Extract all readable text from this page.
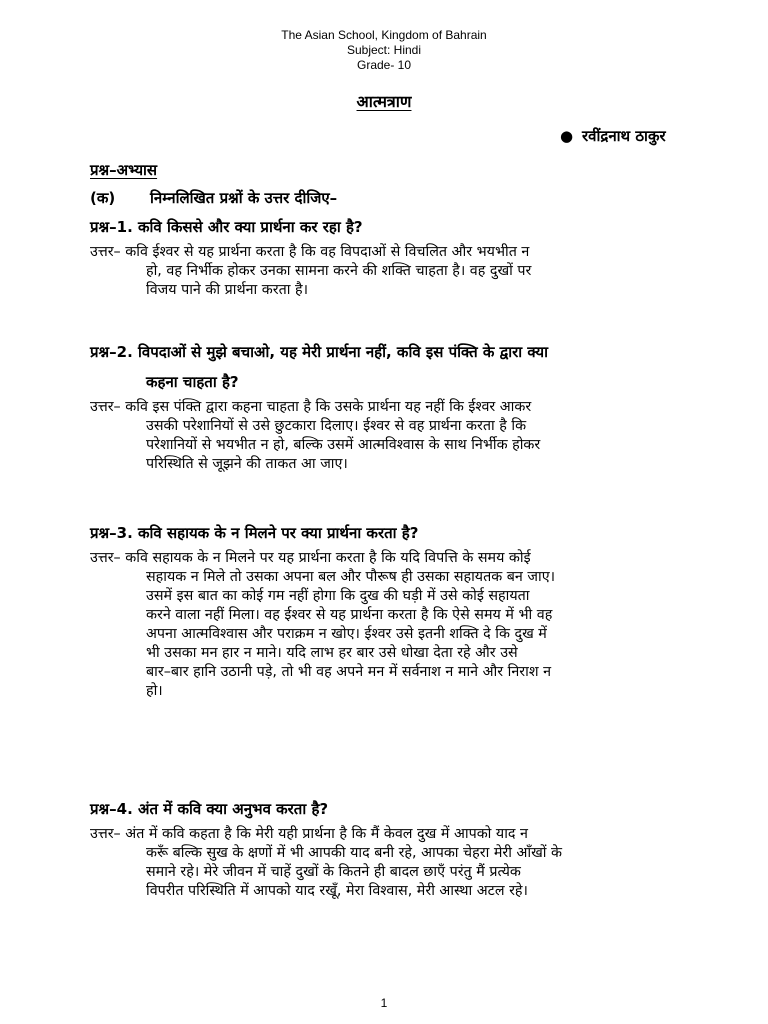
The Asian School, Kingdom of Bahrain
Subject: Hindi
Grade- 10
आत्मत्राण
● रवींद्रनाथ ठाकुर
प्रश्न–अभ्यास
(क) निम्नलिखित प्रश्नों के उत्तर दीजिए–
प्रश्न–1.
कवि किससे और क्या प्रार्थना कर रहा है?
उत्तर– कवि ईश्वर से यह प्रार्थना करता है कि वह विपदाओं से विचलित और भयभीत न
हो, वह निर्भीक होकर उनका सामना करने की शक्ति चाहता है। वह दुखों पर
विजय पाने की प्रार्थना करता है।
प्रश्न–2. विपदाओं से मुझे बचाओ, यह मेरी प्रार्थना नहीं, कवि इस पंक्ति के द्वारा क्या
कहना चाहता है?
उत्तर– कवि इस पंक्ति द्वारा कहना चाहता है कि उसके प्रार्थना यह नहीं कि ईश्वर आकर
उसकी परेशानियों से उसे छुटकारा दिलाए। ईश्वर से वह प्रार्थना करता है कि
परेशानियों से भयभीत न हो, बल्कि उसमें आत्मविश्वास के साथ निर्भीक होकर
परिस्थिति से जूझने की ताकत आ जाए।
प्रश्न–3.
कवि सहायक के न मिलने पर क्या प्रार्थना करता है?
उत्तर– कवि सहायक के न मिलने पर यह प्रार्थना करता है कि यदि विपत्ति के समय कोई
सहायक न मिले तो उसका अपना बल और पौरूष ही उसका सहायतक बन जाए।
उसमें इस बात का कोई गम नहीं होगा कि दुख की घड़ी में उसे कोई सहायता
करने वाला नहीं मिला। वह ईश्वर से यह प्रार्थना करता है कि ऐसे समय में भी वह
अपना आत्मविश्वास और पराक्रम न खोए। ईश्वर उसे इतनी शक्ति दे कि दुख में
भी उसका मन हार न माने। यदि लाभ हर बार उसे धोखा देता रहे और उसे
बार–बार हानि उठानी पड़े, तो भी वह अपने मन में सर्वनाश न माने और निराश न
हो।
प्रश्न–4.
अंत में कवि क्या अनुभव करता है?
उत्तर– अंत में कवि कहता है कि मेरी यही प्रार्थना है कि मैं केवल दुख में आपको याद न
करूँ बल्कि सुख के क्षणों में भी आपकी याद बनी रहे, आपका चेहरा मेरी आँखों के
समाने रहे। मेरे जीवन में चाहें दुखों के कितने ही बादल छाएँ परंतु मैं प्रत्येक
विपरीत परिस्थिति में आपको याद रखूँ, मेरा विश्वास, मेरी आस्था अटल रहे।
1
